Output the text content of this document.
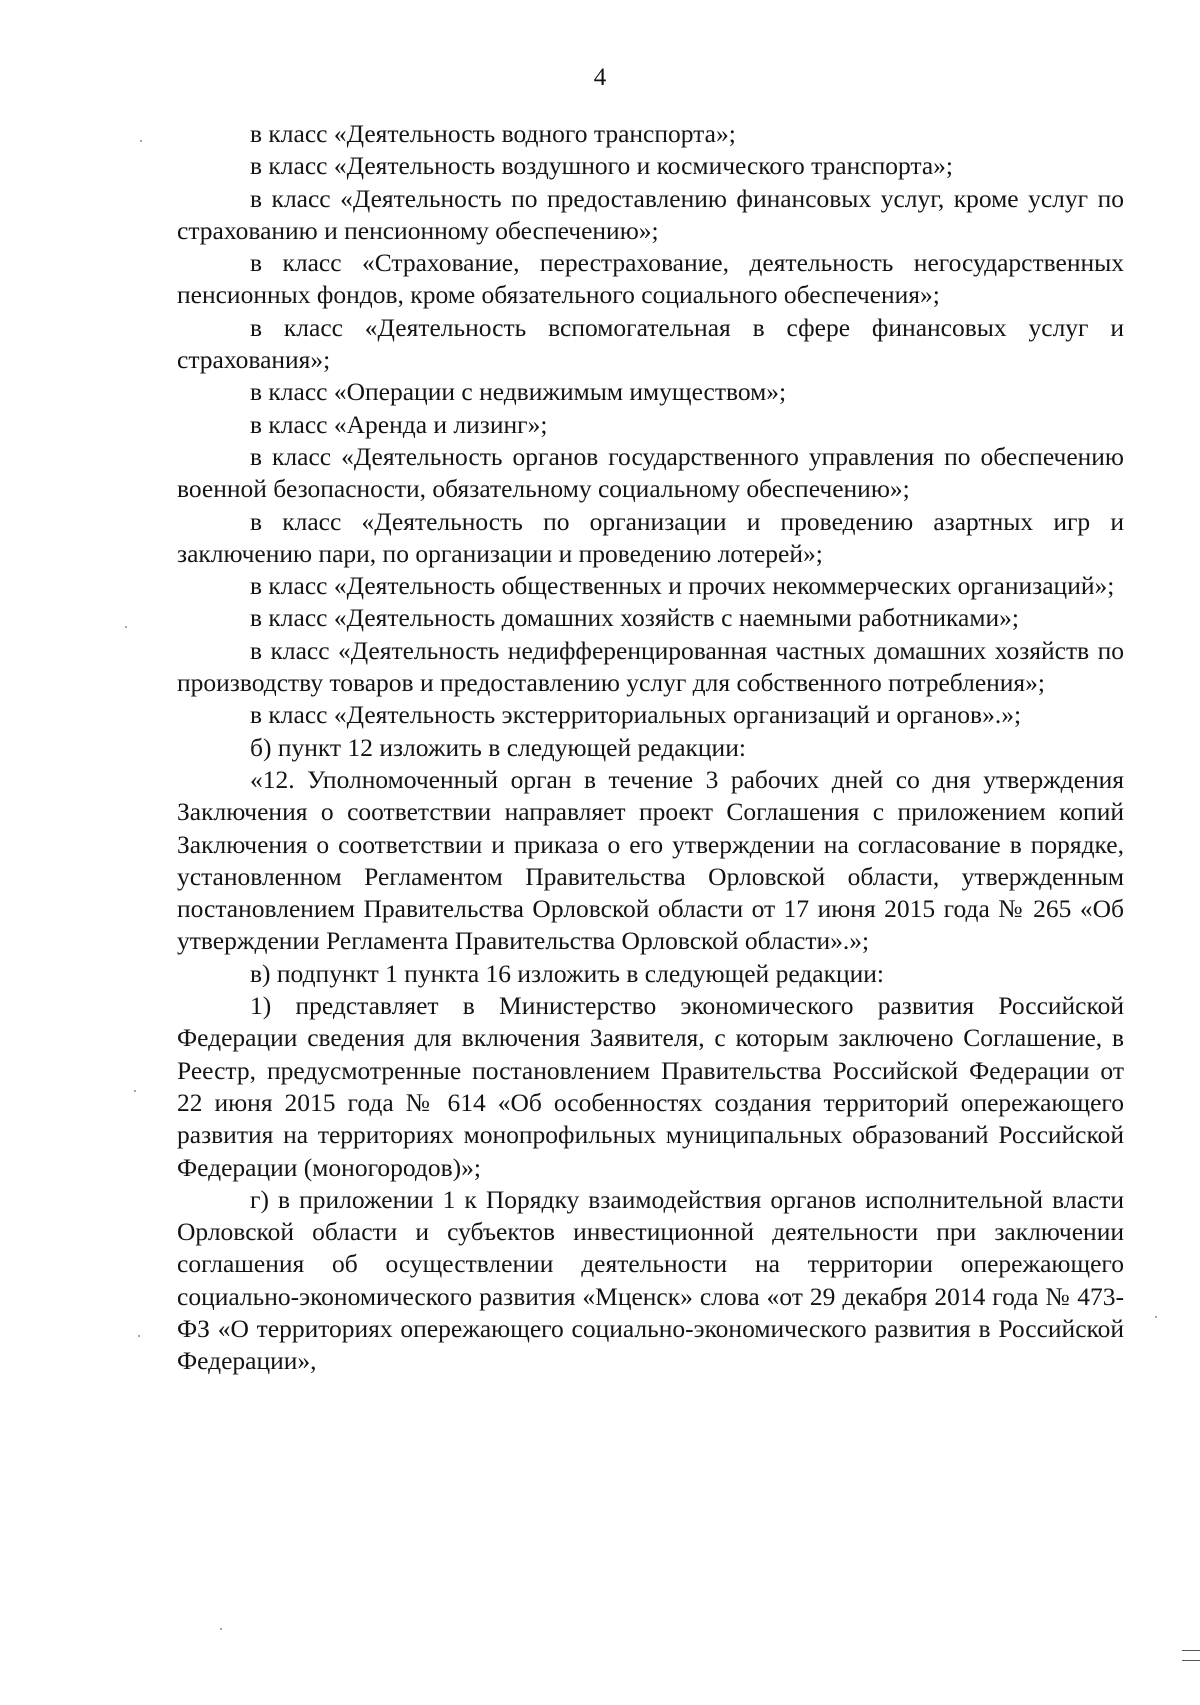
4

в класс «Деятельность водного транспорта»;

в класс «Деятельность воздушного и космического транспорта»;

в класс «Деятельность по предоставлению финансовых услуг, кроме услуг по страхованию и пенсионному обеспечению»;

в класс «Страхование, перестрахование, деятельность негосударственных пенсионных фондов, кроме обязательного социального обеспечения»;

в класс «Деятельность вспомогательная в сфере финансовых услуг и страхования»;

в класс «Операции с недвижимым имуществом»;

в класс «Аренда и лизинг»;

в класс «Деятельность органов государственного управления по обеспечению военной безопасности, обязательному социальному обеспечению»;

в класс «Деятельность по организации и проведению азартных игр и заключению пари, по организации и проведению лотерей»;

в класс «Деятельность общественных и прочих некоммерческих организаций»;

в класс «Деятельность домашних хозяйств с наемными работниками»;

в класс «Деятельность недифференцированная частных домашних хозяйств по производству товаров и предоставлению услуг для собственного потребления»;

в класс «Деятельность экстерриториальных организаций и органов».»;

б) пункт 12 изложить в следующей редакции:

«12. Уполномоченный орган в течение 3 рабочих дней со дня утверждения Заключения о соответствии направляет проект Соглашения с приложением копий Заключения о соответствии и приказа о его утверждении на согласование в порядке, установленном Регламентом Правительства Орловской области, утвержденным постановлением Правительства Орловской области от 17 июня 2015 года № 265 «Об утверждении Регламента Правительства Орловской области».»;

в) подпункт 1 пункта 16 изложить в следующей редакции:

1) представляет в Министерство экономического развития Российской Федерации сведения для включения Заявителя, с которым заключено Соглашение, в Реестр, предусмотренные постановлением Правительства Российской Федерации от 22 июня 2015 года № 614 «Об особенностях создания территорий опережающего развития на территориях монопрофильных муниципальных образований Российской Федерации (моногородов)»;

г) в приложении 1 к Порядку взаимодействия органов исполнительной власти Орловской области и субъектов инвестиционной деятельности при заключении соглашения об осуществлении деятельности на территории опережающего социально-экономического развития «Мценск» слова «от 29 декабря 2014 года № 473-ФЗ «О территориях опережающего социально-экономического развития в Российской Федерации»,
